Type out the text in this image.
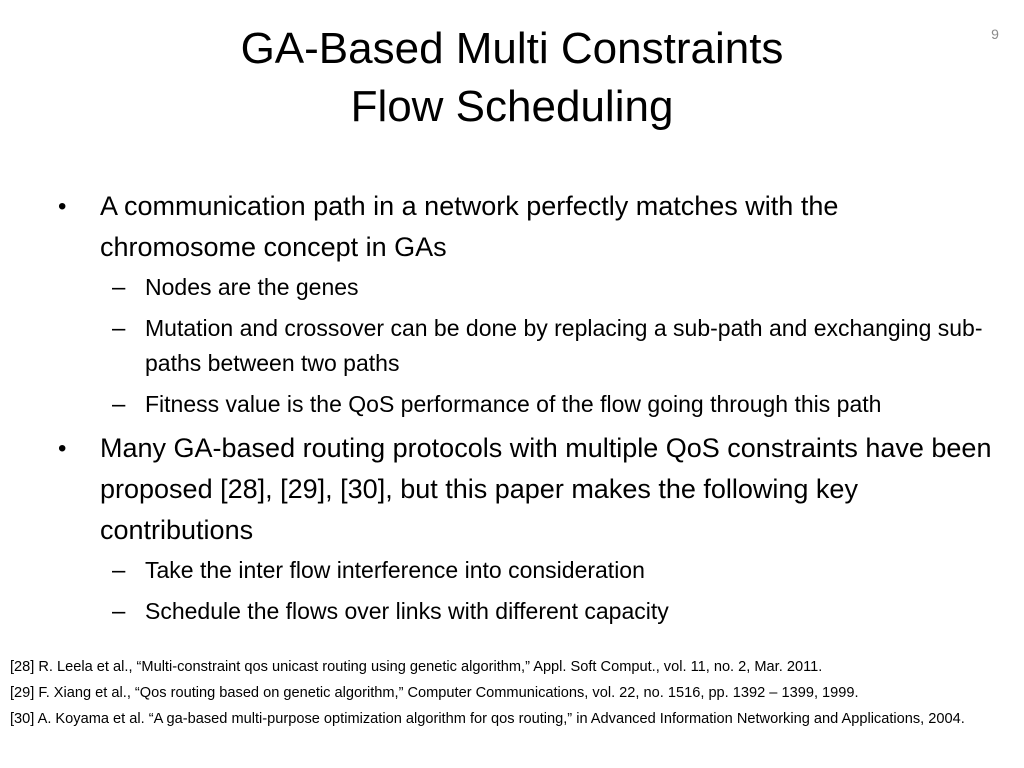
9
GA-Based Multi Constraints
Flow Scheduling
•	A communication path in a network perfectly matches with the chromosome concept in GAs
– Nodes are the genes
– Mutation and crossover can be done by replacing a sub-path and exchanging sub-paths between two paths
– Fitness value is the QoS performance of the flow going through this path
•	Many GA-based routing protocols with multiple QoS constraints have been proposed [28], [29], [30], but this paper makes the following key contributions
– Take the inter flow interference into consideration
– Schedule the flows over links with different capacity
[28] R. Leela et al., “Multi-constraint qos unicast routing using genetic algorithm,” Appl. Soft Comput., vol. 11, no. 2, Mar. 2011.
[29] F. Xiang et al., “Qos routing based on genetic algorithm,” Computer Communications, vol. 22, no. 1516, pp. 1392 – 1399, 1999.
[30] A. Koyama et al. “A ga-based multi-purpose optimization algorithm for qos routing,” in Advanced Information Networking and Applications, 2004.
